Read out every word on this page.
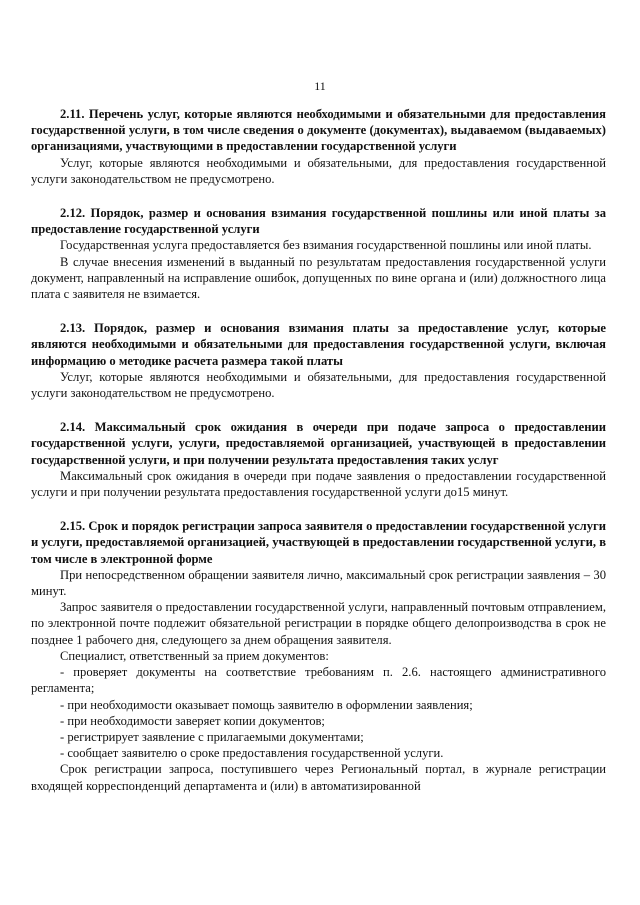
11

2.11. Перечень услуг, которые являются необходимыми и обязательными для предоставления государственной услуги, в том числе сведения о документе (документах), выдаваемом (выдаваемых) организациями, участвующими в предоставлении государственной услуги

Услуг, которые являются необходимыми и обязательными, для предоставления государственной услуги законодательством не предусмотрено.

2.12. Порядок, размер и основания взимания государственной пошлины или иной платы за предоставление государственной услуги

Государственная услуга предоставляется без взимания государственной пошлины или иной платы.

В случае внесения изменений в выданный по результатам предоставления государственной услуги документ, направленный на исправление ошибок, допущенных по вине органа и (или) должностного лица плата с заявителя не взимается.

2.13. Порядок, размер и основания взимания платы за предоставление услуг, которые являются необходимыми и обязательными для предоставления государственной услуги, включая информацию о методике расчета размера такой платы

Услуг, которые являются необходимыми и обязательными, для предоставления государственной услуги законодательством не предусмотрено.

2.14. Максимальный срок ожидания в очереди при подаче запроса о предоставлении государственной услуги, услуги, предоставляемой организацией, участвующей в предоставлении государственной услуги, и при получении результата предоставления таких услуг

Максимальный срок ожидания в очереди при подаче заявления о предоставлении государственной услуги и при получении результата предоставления государственной услуги до15 минут.

2.15. Срок и порядок регистрации запроса заявителя о предоставлении государственной услуги и услуги, предоставляемой организацией, участвующей в предоставлении государственной услуги, в том числе в электронной форме

При непосредственном обращении заявителя лично, максимальный срок регистрации заявления – 30 минут.

Запрос заявителя о предоставлении государственной услуги, направленный почтовым отправлением, по электронной почте подлежит обязательной регистрации в порядке общего делопроизводства в срок не позднее 1 рабочего дня, следующего за днем обращения заявителя.

Специалист, ответственный за прием документов:

- проверяет документы на соответствие требованиям п. 2.6. настоящего административного регламента;

- при необходимости оказывает помощь заявителю в оформлении заявления;

- при необходимости заверяет копии документов;

- регистрирует заявление с прилагаемыми документами;

- сообщает заявителю о сроке предоставления государственной услуги.

Срок регистрации запроса, поступившего через Региональный портал, в журнале регистрации входящей корреспонденций департамента и (или) в автоматизированной
